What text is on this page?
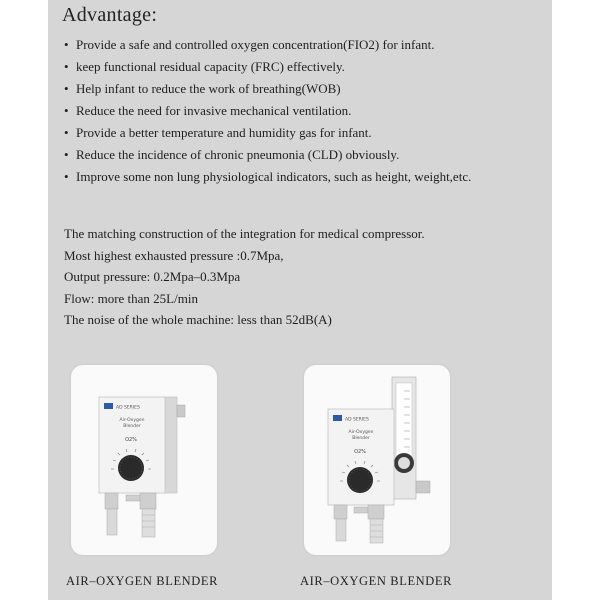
Advantage:
• Provide a safe and controlled oxygen concentration(FIO2) for infant.
• keep functional residual capacity (FRC) effectively.
• Help infant to reduce the work of breathing(WOB)
• Reduce the need for invasive mechanical ventilation.
• Provide a better temperature and humidity gas for infant.
• Reduce the incidence of chronic pneumonia (CLD) obviously.
• Improve some non lung physiological indicators, such as height, weight,etc.
The matching construction of the integration for medical compressor.
Most highest exhausted pressure :0.7Mpa,
Output pressure: 0.2Mpa–0.3Mpa
Flow: more than 25L/min
The noise of the whole machine: less than 52dB(A)
AD SERIES
Air-Oxygen
Blender
O2%
AD SERIES
Air-Oxygen
Blender
O2%
AIR–OXYGEN BLENDER	AIR–OXYGEN BLENDER
